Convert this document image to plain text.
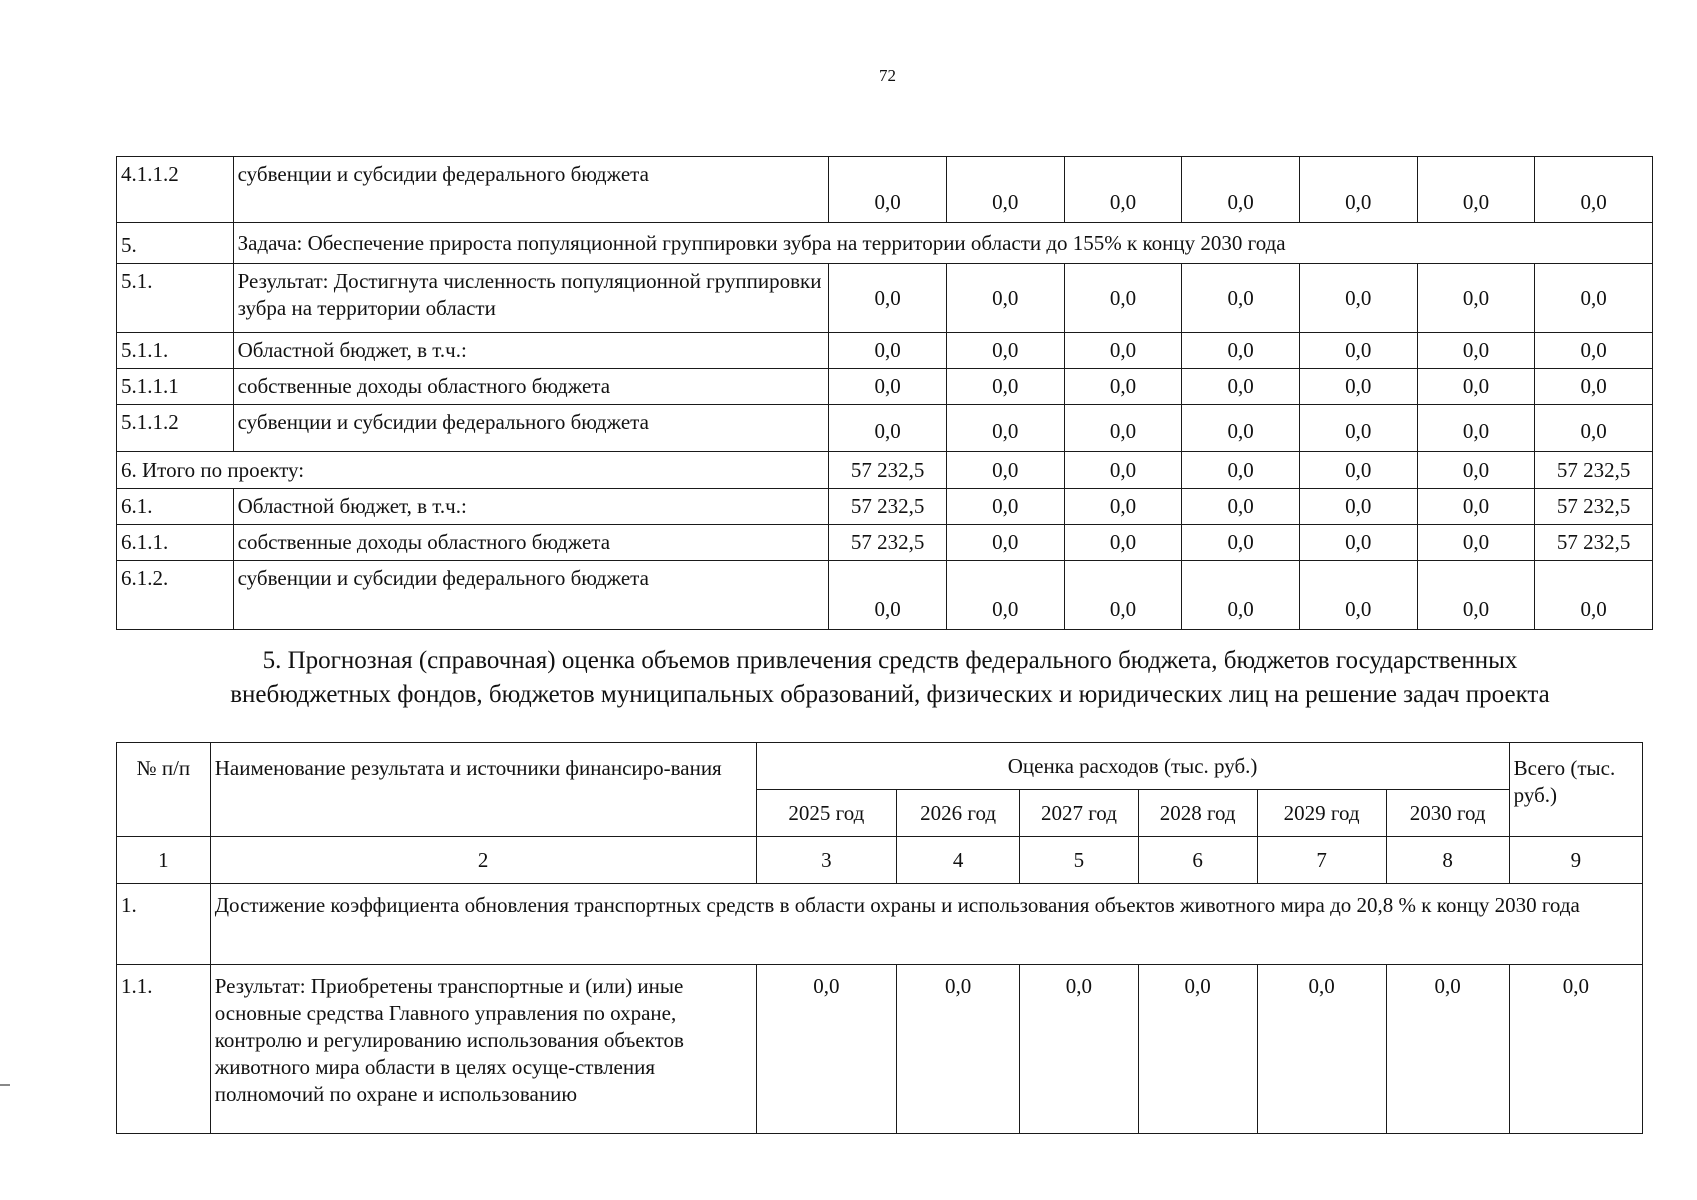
72
4.1.1.2	субвенции и субсидии федерального бюджета	0,0	0,0	0,0	0,0	0,0	0,0	0,0
5.	Задача: Обеспечение прироста популяционной группировки зубра на территории области до 155% к концу 2030 года							
5.1.	Результат: Достигнута численность популяционной группировки зубра на территории области	0,0	0,0	0,0	0,0	0,0	0,0	0,0
5.1.1.	Областной бюджет, в т.ч.:	0,0	0,0	0,0	0,0	0,0	0,0	0,0
5.1.1.1	собственные доходы областного бюджета	0,0	0,0	0,0	0,0	0,0	0,0	0,0
5.1.1.2	субвенции и субсидии федерального бюджета	0,0	0,0	0,0	0,0	0,0	0,0	0,0
6. Итого по проекту:		57 232,5	0,0	0,0	0,0	0,0	0,0	57 232,5
6.1.	Областной бюджет, в т.ч.:	57 232,5	0,0	0,0	0,0	0,0	0,0	57 232,5
6.1.1.	собственные доходы областного бюджета	57 232,5	0,0	0,0	0,0	0,0	0,0	57 232,5
6.1.2.	субвенции и субсидии федерального бюджета	0,0	0,0	0,0	0,0	0,0	0,0	0,0
5. Прогнозная (справочная) оценка объемов привлечения средств федерального бюджета, бюджетов государственных
внебюджетных фондов, бюджетов муниципальных образований, физических и юридических лиц на решение задач проекта
№ п/п	Наименование результата и источники финансиро-вания	Оценка расходов (тыс. руб.)						Всего (тыс. руб.)
		2025 год	2026 год	2027 год	2028 год	2029 год	2030 год	
1	2	3	4	5	6	7	8	9
1.	Достижение коэффициента обновления транспортных средств в области охраны и использования объектов животного мира до 20,8 % к концу 2030 года							
1.1.	Результат: Приобретены транспортные и (или) иные основные средства Главного управления по охране, контролю и регулированию использования объектов животного мира области в целях осуще-ствления полномочий по охране и использованию	0,0	0,0	0,0	0,0	0,0	0,0	0,0
